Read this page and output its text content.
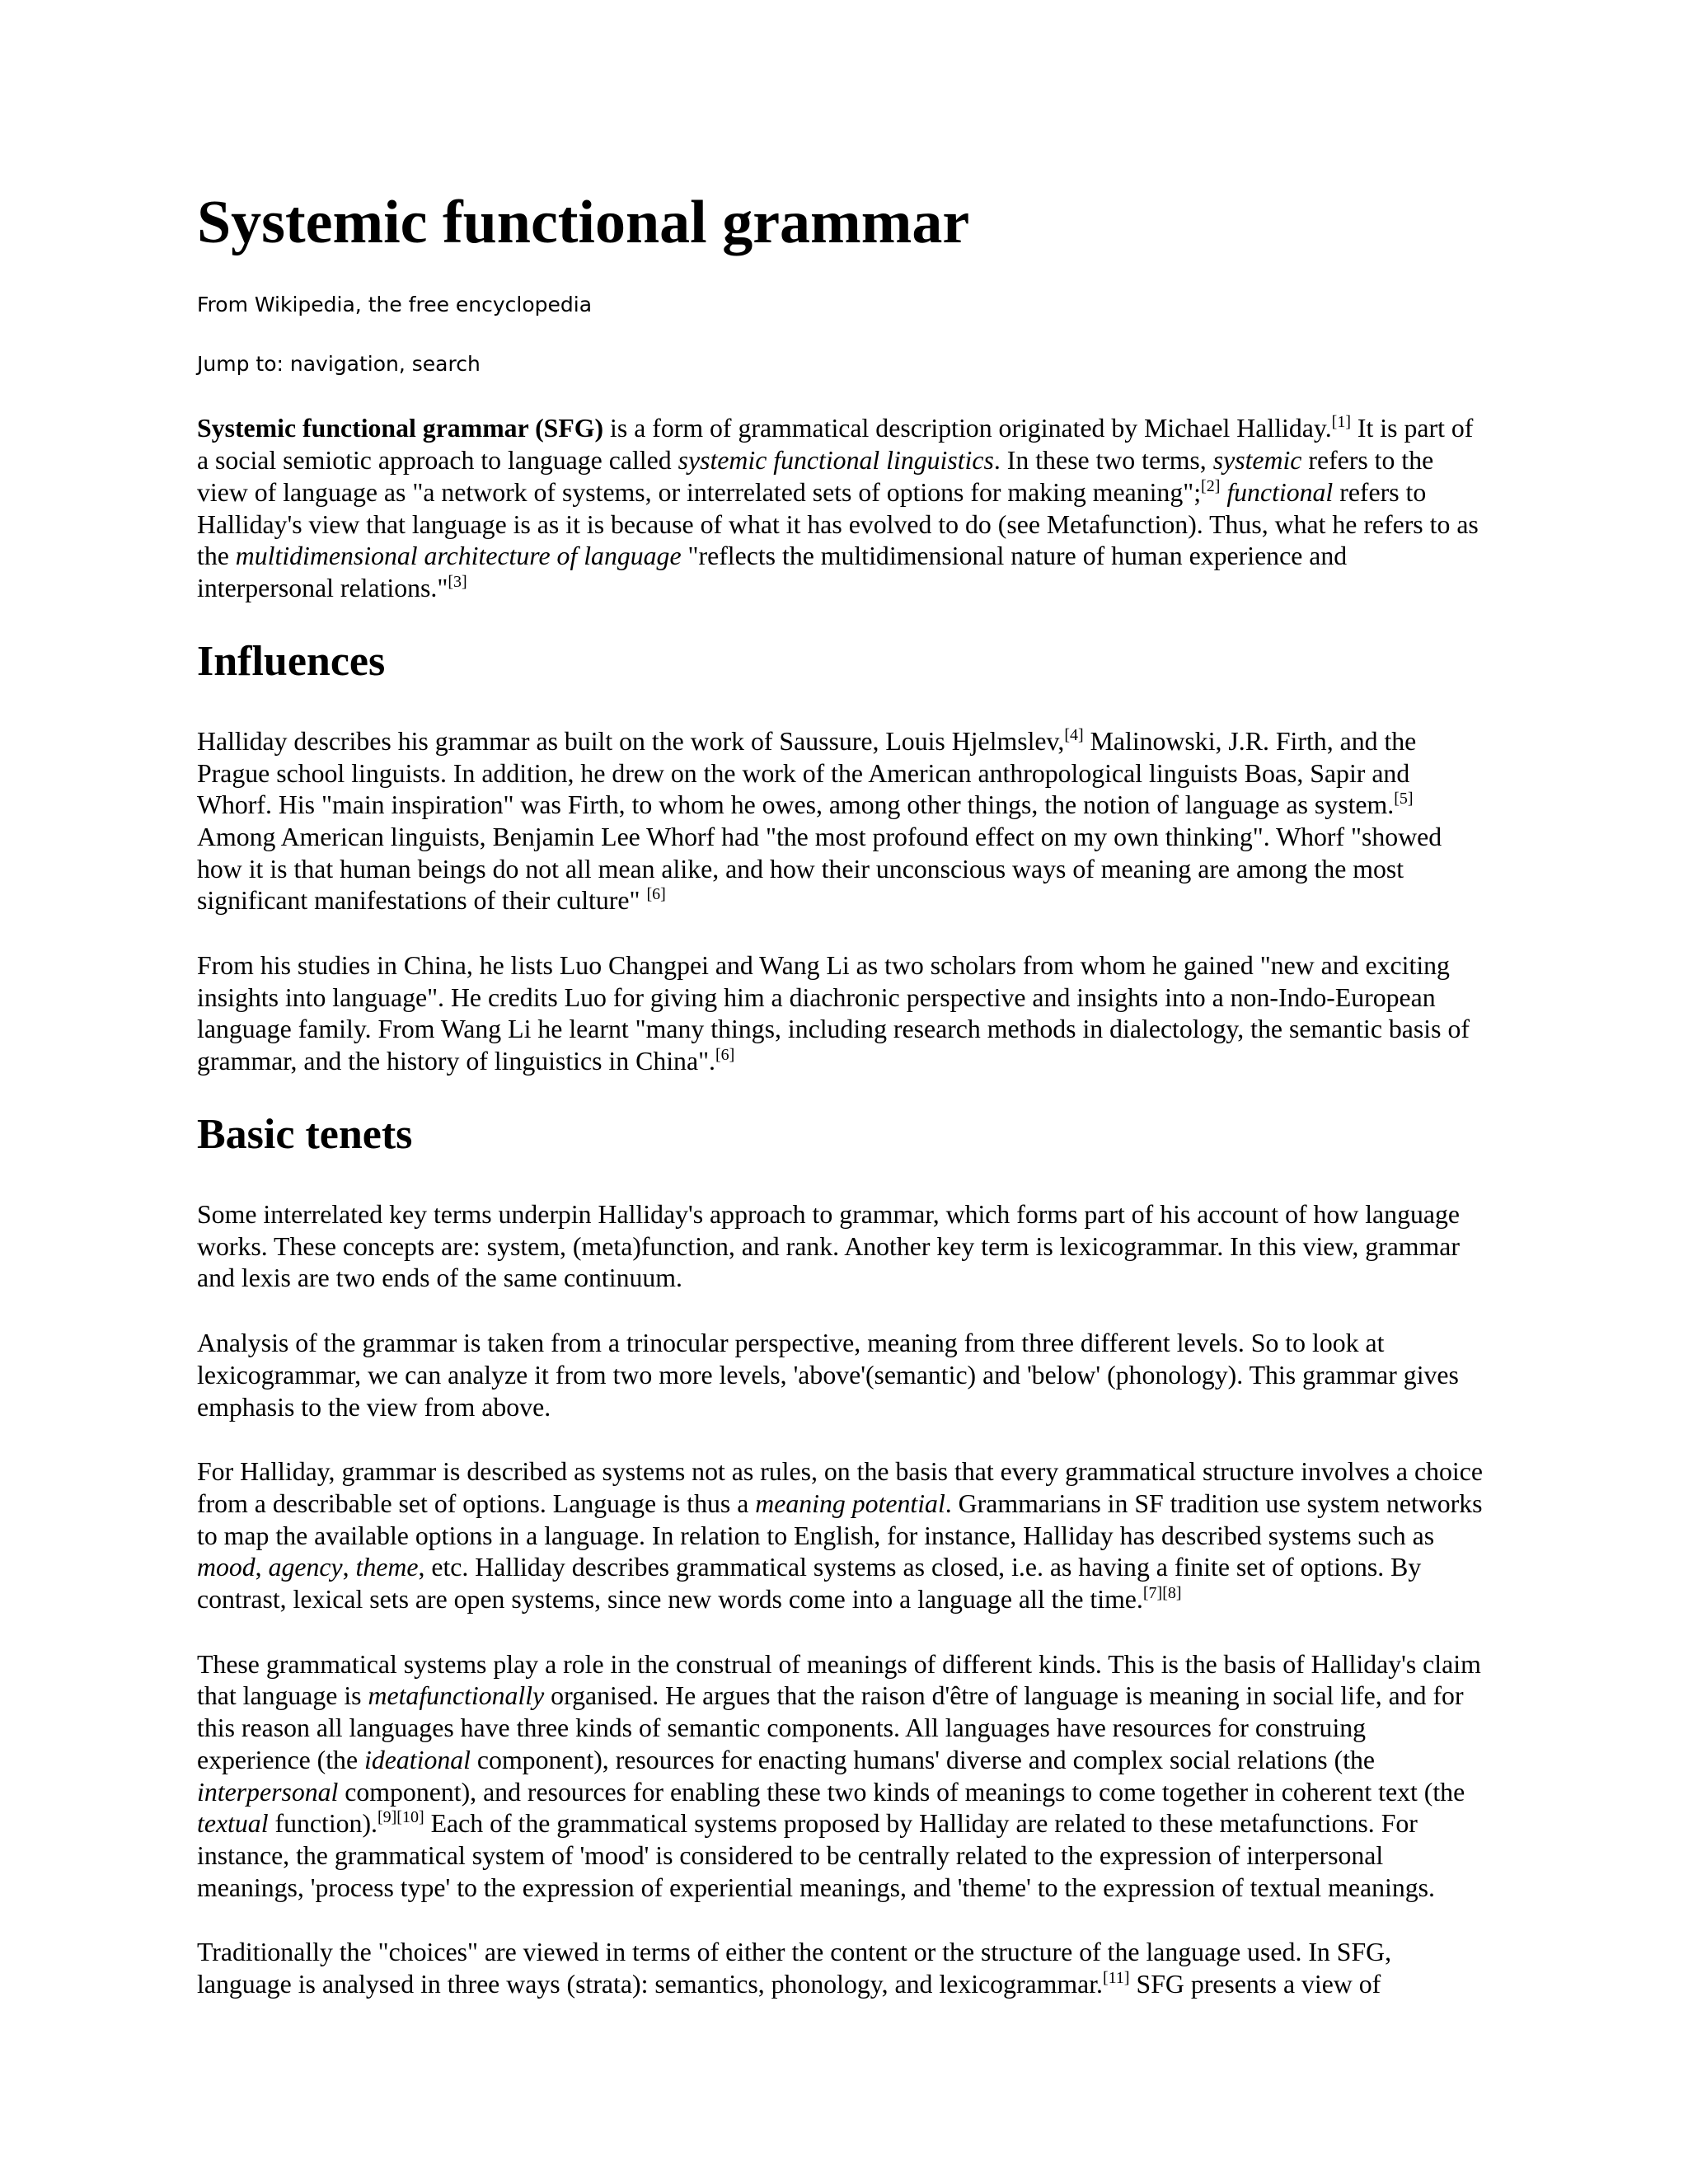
Systemic functional grammar
From Wikipedia, the free encyclopedia
Jump to: navigation, search

Systemic functional grammar (SFG) is a form of grammatical description originated by Michael Halliday.[1] It is part of a social semiotic approach to language called systemic functional linguistics. In these two terms, systemic refers to the view of language as "a network of systems, or interrelated sets of options for making meaning";[2] functional refers to Halliday's view that language is as it is because of what it has evolved to do (see Metafunction). Thus, what he refers to as the multidimensional architecture of language "reflects the multidimensional nature of human experience and interpersonal relations."[3]

Influences

Halliday describes his grammar as built on the work of Saussure, Louis Hjelmslev,[4] Malinowski, J.R. Firth, and the Prague school linguists. In addition, he drew on the work of the American anthropological linguists Boas, Sapir and Whorf. His "main inspiration" was Firth, to whom he owes, among other things, the notion of language as system.[5] Among American linguists, Benjamin Lee Whorf had "the most profound effect on my own thinking". Whorf "showed how it is that human beings do not all mean alike, and how their unconscious ways of meaning are among the most significant manifestations of their culture" [6]

From his studies in China, he lists Luo Changpei and Wang Li as two scholars from whom he gained "new and exciting insights into language". He credits Luo for giving him a diachronic perspective and insights into a non-Indo-European language family. From Wang Li he learnt "many things, including research methods in dialectology, the semantic basis of grammar, and the history of linguistics in China".[6]

Basic tenets

Some interrelated key terms underpin Halliday's approach to grammar, which forms part of his account of how language works. These concepts are: system, (meta)function, and rank. Another key term is lexicogrammar. In this view, grammar and lexis are two ends of the same continuum.

Analysis of the grammar is taken from a trinocular perspective, meaning from three different levels. So to look at lexicogrammar, we can analyze it from two more levels, 'above'(semantic) and 'below' (phonology). This grammar gives emphasis to the view from above.

For Halliday, grammar is described as systems not as rules, on the basis that every grammatical structure involves a choice from a describable set of options. Language is thus a meaning potential. Grammarians in SF tradition use system networks to map the available options in a language. In relation to English, for instance, Halliday has described systems such as mood, agency, theme, etc. Halliday describes grammatical systems as closed, i.e. as having a finite set of options. By contrast, lexical sets are open systems, since new words come into a language all the time.[7][8]

These grammatical systems play a role in the construal of meanings of different kinds. This is the basis of Halliday's claim that language is metafunctionally organised. He argues that the raison d'être of language is meaning in social life, and for this reason all languages have three kinds of semantic components. All languages have resources for construing experience (the ideational component), resources for enacting humans' diverse and complex social relations (the interpersonal component), and resources for enabling these two kinds of meanings to come together in coherent text (the textual function).[9][10] Each of the grammatical systems proposed by Halliday are related to these metafunctions. For instance, the grammatical system of 'mood' is considered to be centrally related to the expression of interpersonal meanings, 'process type' to the expression of experiential meanings, and 'theme' to the expression of textual meanings.

Traditionally the "choices" are viewed in terms of either the content or the structure of the language used. In SFG, language is analysed in three ways (strata): semantics, phonology, and lexicogrammar.[11] SFG presents a view of
